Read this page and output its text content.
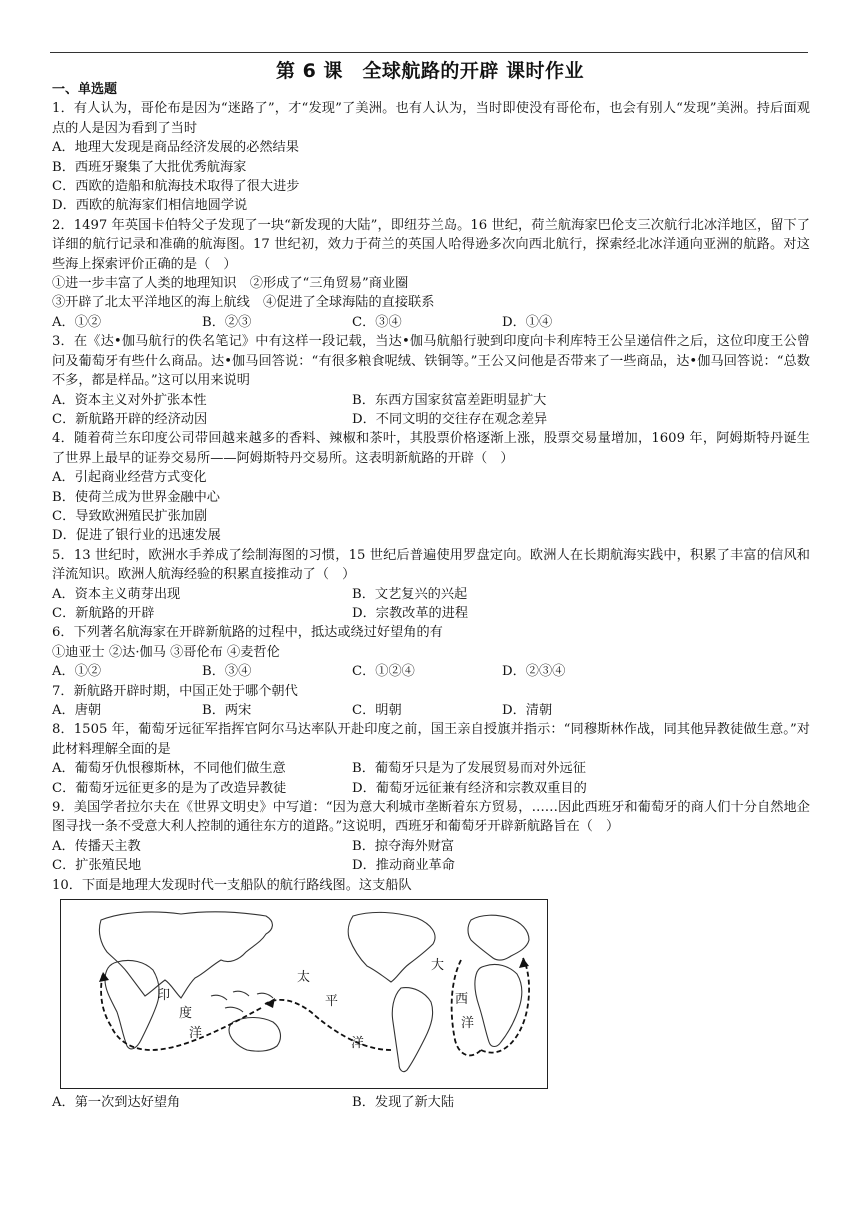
第 6 课　全球航路的开辟 课时作业
一、单选题
1．有人认为，哥伦布是因为“迷路了”，才“发现”了美洲。也有人认为，当时即使没有哥伦布，也会有别人“发现”美洲。持后面观点的人是因为看到了当时
A．地理大发现是商品经济发展的必然结果
B．西班牙聚集了大批优秀航海家
C．西欧的造船和航海技术取得了很大进步
D．西欧的航海家们相信地圆学说
2．1497 年英国卡伯特父子发现了一块“新发现的大陆”，即纽芬兰岛。16 世纪，荷兰航海家巴伦支三次航行北冰洋地区，留下了详细的航行记录和准确的航海图。17 世纪初，效力于荷兰的英国人哈得逊多次向西北航行，探索经北冰洋通向亚洲的航路。对这些海上探索评价正确的是（　）
①进一步丰富了人类的地理知识　②形成了“三角贸易”商业圈
③开辟了北太平洋地区的海上航线　④促进了全球海陆的直接联系
A．①②	B．②③	C．③④	D．①④
3．在《达•伽马航行的佚名笔记》中有这样一段记载，当达•伽马航船行驶到印度向卡利库特王公呈递信件之后，这位印度王公曾问及葡萄牙有些什么商品。达•伽马回答说：“有很多粮食呢绒、铁铜等。”王公又问他是否带来了一些商品，达•伽马回答说：“总数不多，都是样品。”这可以用来说明
A．资本主义对外扩张本性	B．东西方国家贫富差距明显扩大
C．新航路开辟的经济动因	D．不同文明的交往存在观念差异
4．随着荷兰东印度公司带回越来越多的香料、辣椒和茶叶，其股票价格逐渐上涨，股票交易量增加，1609 年，阿姆斯特丹诞生了世界上最早的证券交易所——阿姆斯特丹交易所。这表明新航路的开辟（　）
A．引起商业经营方式变化
B．使荷兰成为世界金融中心
C．导致欧洲殖民扩张加剧
D．促进了银行业的迅速发展
5．13 世纪时，欧洲水手养成了绘制海图的习惯，15 世纪后普遍使用罗盘定向。欧洲人在长期航海实践中，积累了丰富的信风和洋流知识。欧洲人航海经验的积累直接推动了（　）
A．资本主义萌芽出现	B．文艺复兴的兴起
C．新航路的开辟	D．宗教改革的进程
6．下列著名航海家在开辟新航路的过程中，抵达或绕过好望角的有
①迪亚士 ②达·伽马 ③哥伦布 ④麦哲伦
A．①②	B．③④	C．①②④	D．②③④
7．新航路开辟时期，中国正处于哪个朝代
A．唐朝	B．两宋	C．明朝	D．清朝
8．1505 年，葡萄牙远征军指挥官阿尔马达率队开赴印度之前，国王亲自授旗并指示：“同穆斯林作战，同其他异教徒做生意。”对此材料理解全面的是
A．葡萄牙仇恨穆斯林，不同他们做生意	B．葡萄牙只是为了发展贸易而对外远征
C．葡萄牙远征更多的是为了改造异教徒	D．葡萄牙远征兼有经济和宗教双重目的
9．美国学者拉尔夫在《世界文明史》中写道：“因为意大利城市垄断着东方贸易，……因此西班牙和葡萄牙的商人们十分自然地企图寻找一条不受意大利人控制的通往东方的道路。”这说明，西班牙和葡萄牙开辟新航路旨在（　）
A．传播天主教	B．掠夺海外财富
C．扩张殖民地	D．推动商业革命
10．下面是地理大发现时代一支船队的航行路线图。这支船队
太
平
洋
印
度
洋
大
西
洋
A．第一次到达好望角	B．发现了新大陆
